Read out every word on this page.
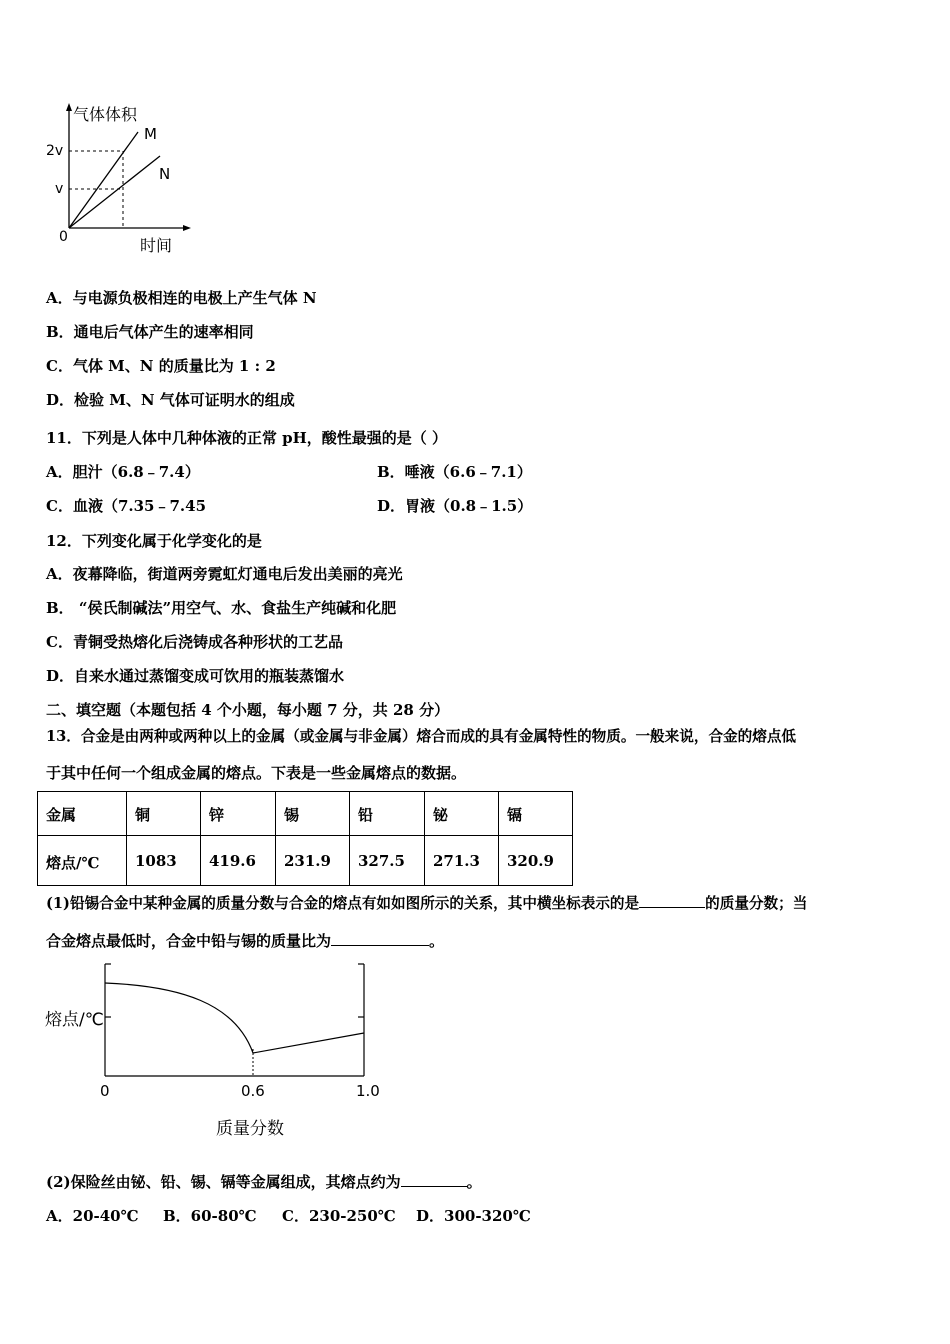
气体体积
2v
v
0
M
N
时间
A．与电源负极相连的电极上产生气体 N
B．通电后气体产生的速率相同
C．气体 M、N 的质量比为 1 : 2
D．检验 M、N 气体可证明水的组成
11．下列是人体中几种体液的正常 pH，酸性最强的是（ ）
A．胆汁（6.8﹣7.4）	B．唾液（6.6﹣7.1）
C．血液（7.35﹣7.45	D．胃液（0.8﹣1.5）
12．下列变化属于化学变化的是
A．夜幕降临，街道两旁霓虹灯通电后发出美丽的亮光
B． “侯氏制碱法”用空气、水、食盐生产纯碱和化肥
C．青铜受热熔化后浇铸成各种形状的工艺品
D．自来水通过蒸馏变成可饮用的瓶装蒸馏水
二、填空题（本题包括 4 个小题，每小题 7 分，共 28 分）
13．合金是由两种或两种以上的金属（或金属与非金属）熔合而成的具有金属特性的物质。一般来说，合金的熔点低
于其中任何一个组成金属的熔点。下表是一些金属熔点的数据。
金属	铜	锌	锡	铅	铋	镉
熔点/℃	1083	419.6	231.9	327.5	271.3	320.9
(1)铅锡合金中某种金属的质量分数与合金的熔点有如如图所示的关系，其中横坐标表示的是	的质量分数；当
合金熔点最低时，合金中铅与锡的质量比为	。
熔点/℃
0	0.6	1.0
质量分数
(2)保险丝由铋、铅、锡、镉等金属组成，其熔点约为	。
A．20-40℃ B．60-80℃ C．230-250℃ D．300-320℃
